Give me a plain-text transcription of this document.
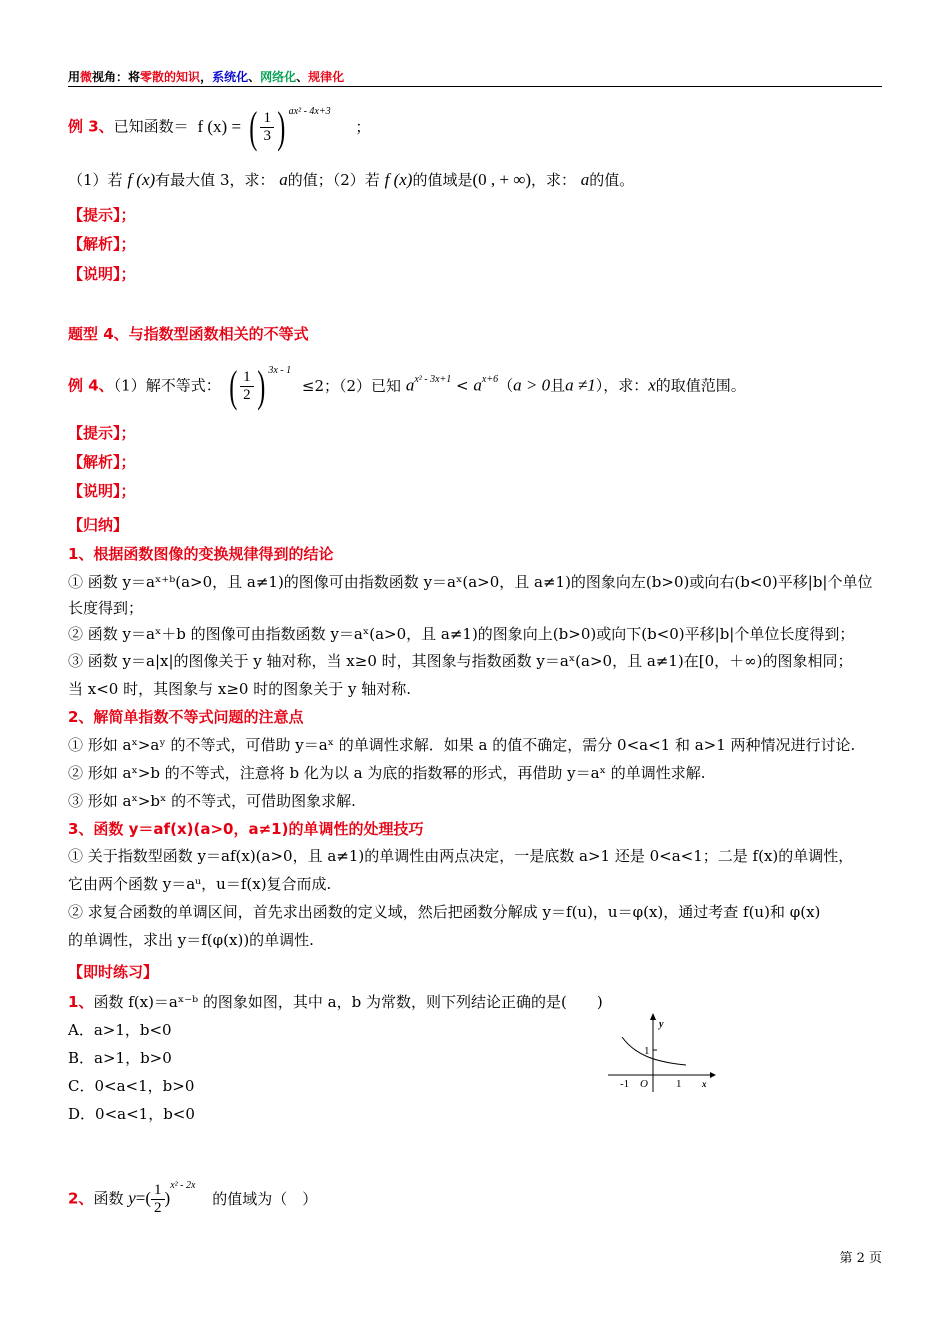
用微视角：将零散的知识，系统化、网络化、规律化
例 3、已知函数＝ f (x) = ( $\frac{1}{3}$ ) $^{ax^2 - 4x+3}$ ；
（1）若 f (x)有最大值 3，求： a的值；（2）若 f (x)的值域是(0 , + ∞)，求： a的值。
【提示】；
【解析】；
【说明】；
题型 4、与指数型函数相关的不等式
例 4、（1）解不等式： ( $\frac{1}{2}$ ) $^{3x - 1}$ ≤2；（2）已知 $a^{x^2 - 3x+1} < a^{x+6}(a > 0$且a ≠1），求：x的取值范围。
【提示】；
【解析】；
【说明】；
【归纳】
1、根据函数图像的变换规律得到的结论
① 函数 y＝aˣ⁺ᵇ(a>0，且 a≠1)的图像可由指数函数 y＝aˣ(a>0，且 a≠1)的图象向左(b>0)或向右(b<0)平移|b|个单位
长度得到；
② 函数 y＝aˣ＋b 的图像可由指数函数 y＝aˣ(a>0，且 a≠1)的图象向上(b>0)或向下(b<0)平移|b|个单位长度得到；
③ 函数 y＝a|x|的图像关于 y 轴对称，当 x≥0 时，其图象与指数函数 y＝aˣ(a>0，且 a≠1)在[0，＋∞)的图象相同；
当 x<0 时，其图象与 x≥0 时的图象关于 y 轴对称.
2、解简单指数不等式问题的注意点
① 形如 aˣ>aʸ 的不等式，可借助 y＝aˣ 的单调性求解．如果 a 的值不确定，需分 0<a<1 和 a>1 两种情况进行讨论.
② 形如 aˣ>b 的不等式，注意将 b 化为以 a 为底的指数幂的形式，再借助 y＝aˣ 的单调性求解.
③ 形如 aˣ>bˣ 的不等式，可借助图象求解.
3、函数 y＝af(x)(a>0，a≠1)的单调性的处理技巧
① 关于指数型函数 y＝af(x)(a>0，且 a≠1)的单调性由两点决定，一是底数 a>1 还是 0<a<1；二是 f(x)的单调性，
它由两个函数 y＝aᵘ，u＝f(x)复合而成.
② 求复合函数的单调区间，首先求出函数的定义域，然后把函数分解成 y＝f(u)，u＝φ(x)，通过考查 f(u)和 φ(x)
的单调性，求出 y＝f(φ(x))的单调性.
【即时练习】
1、函数 f(x)＝aˣ⁻ᵇ 的图象如图，其中 a，b 为常数，则下列结论正确的是(　　)
A．a>1，b<0
B．a>1，b>0
C．0<a<1，b>0
D．0<a<1，b<0
y
1
-1 O	1 x
2、函数 $y=( \frac{1}{2} )^{x^2 - 2x}$ 的值域为（　）
第 2 页
